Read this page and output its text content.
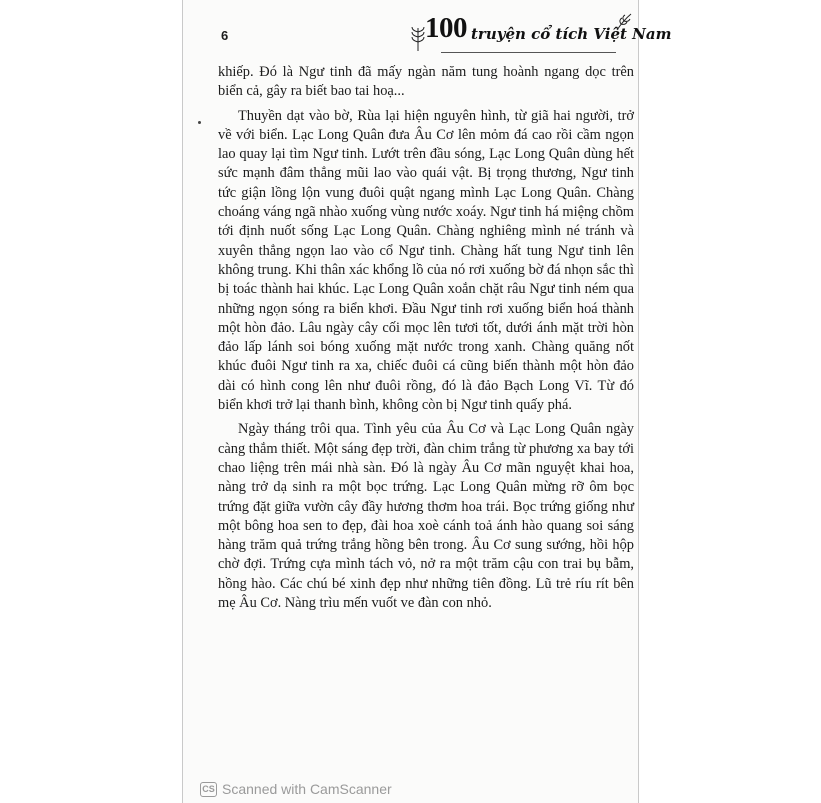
6	100 truyện cổ tích Việt Nam

khiếp. Đó là Ngư tinh đã mấy ngàn năm tung hoành ngang dọc trên biển cả, gây ra biết bao tai hoạ...

Thuyền dạt vào bờ, Rùa lại hiện nguyên hình, từ giã hai người, trở về với biển. Lạc Long Quân đưa Âu Cơ lên mỏm đá cao rồi cầm ngọn lao quay lại tìm Ngư tinh. Lướt trên đầu sóng, Lạc Long Quân dùng hết sức mạnh đâm thẳng mũi lao vào quái vật. Bị trọng thương, Ngư tinh tức giận lồng lộn vung đuôi quật ngang mình Lạc Long Quân. Chàng choáng váng ngã nhào xuống vùng nước xoáy. Ngư tinh há miệng chồm tới định nuốt sống Lạc Long Quân. Chàng nghiêng mình né tránh và xuyên thẳng ngọn lao vào cổ Ngư tinh. Chàng hất tung Ngư tinh lên không trung. Khi thân xác khổng lồ của nó rơi xuống bờ đá nhọn sắc thì bị toác thành hai khúc. Lạc Long Quân xoắn chặt râu Ngư tinh ném qua những ngọn sóng ra biển khơi. Đầu Ngư tinh rơi xuống biển hoá thành một hòn đảo. Lâu ngày cây cối mọc lên tươi tốt, dưới ánh mặt trời hòn đảo lấp lánh soi bóng xuống mặt nước trong xanh. Chàng quăng nốt khúc đuôi Ngư tinh ra xa, chiếc đuôi cá cũng biến thành một hòn đảo dài có hình cong lên như đuôi rồng, đó là đảo Bạch Long Vĩ. Từ đó biển khơi trở lại thanh bình, không còn bị Ngư tinh quấy phá.

Ngày tháng trôi qua. Tình yêu của Âu Cơ và Lạc Long Quân ngày càng thắm thiết. Một sáng đẹp trời, đàn chim trắng từ phương xa bay tới chao liệng trên mái nhà sàn. Đó là ngày Âu Cơ mãn nguyệt khai hoa, nàng trở dạ sinh ra một bọc trứng. Lạc Long Quân mừng rỡ ôm bọc trứng đặt giữa vườn cây đầy hương thơm hoa trái. Bọc trứng giống như một bông hoa sen to đẹp, đài hoa xoè cánh toả ánh hào quang soi sáng hàng trăm quả trứng trắng hồng bên trong. Âu Cơ sung sướng, hồi hộp chờ đợi. Trứng cựa mình tách vỏ, nở ra một trăm cậu con trai bụ bẫm, hồng hào. Các chú bé xinh đẹp như những tiên đồng. Lũ trẻ ríu rít bên mẹ Âu Cơ. Nàng trìu mến vuốt ve đàn con nhỏ.

CS Scanned with CamScanner
